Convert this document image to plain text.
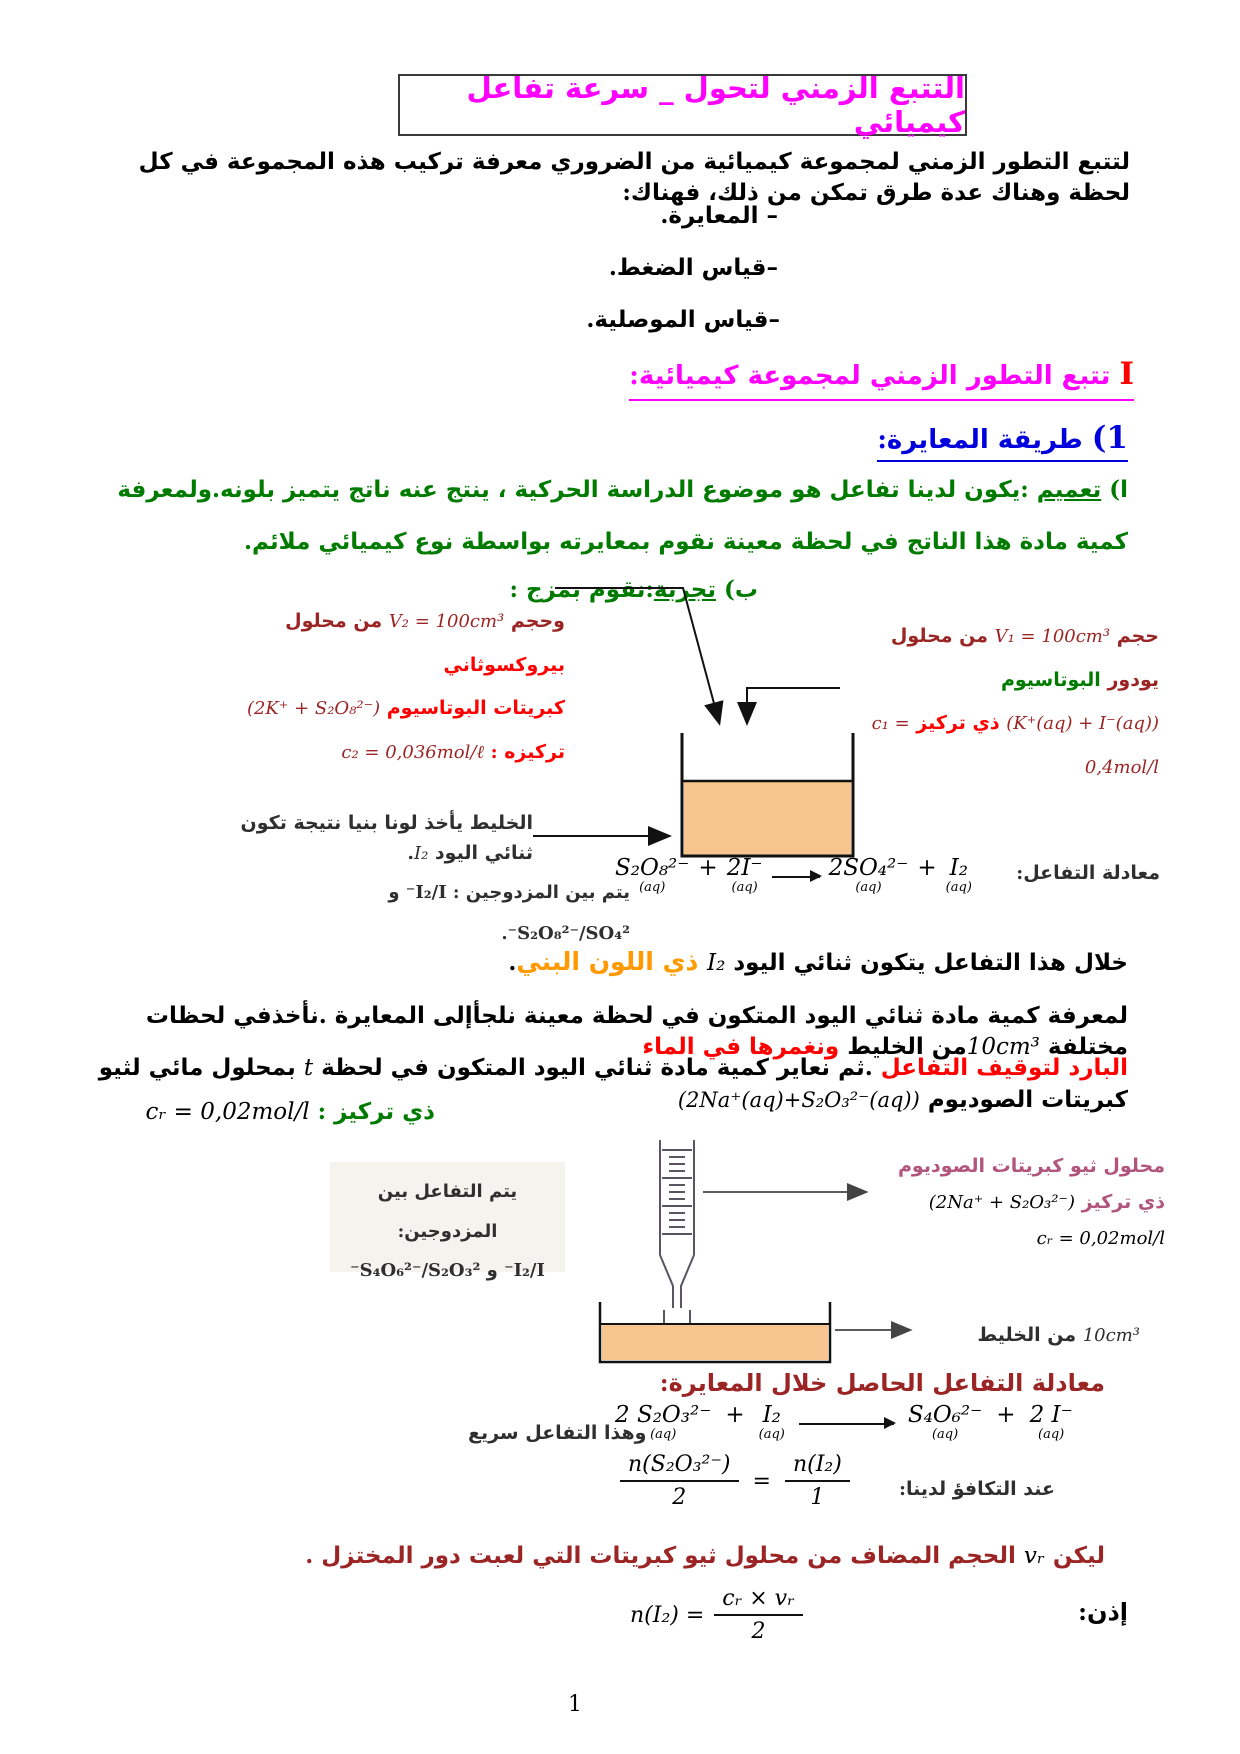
التتبع الزمني لتحول _ سرعة تفاعل كيميائي
لتتبع التطور الزمني لمجموعة كيميائية من الضروري معرفة تركيب هذه المجموعة في كل لحظة وهناك عدة طرق تمكن من ذلك، فهناك:
– المعايرة.
–قياس الضغط.
–قياس الموصلية.
I تتبع التطور الزمني لمجموعة كيميائية:
1) طريقة المعايرة:
ا) تعميم :يكون لدينا تفاعل هو موضوع الدراسة الحركية ، ينتج عنه ناتج يتميز بلونه.ولمعرفة
كمية مادة هذا الناتج في لحظة معينة نقوم بمعايرته بواسطة نوع كيميائي ملائم.
ب) تجربة:نقوم بمزج :
وحجم V₂ = 100cm³ من محلول بيروكسوثاني
كبريتات البوتاسيوم (2K⁺ + S₂O₈²⁻)
تركيزه : c₂ = 0,036mol/ℓ
حجم V₁ = 100cm³ من محلول يودور البوتاسيوم
(K⁺(aq) + I⁻(aq)) ذي تركيز c₁ = 0,4mol/l
الخليط يأخذ لونا بنيا نتيجة تكون ثنائي اليود I₂.
معادلة التفاعل:
S₂O₈²⁻
(aq)
+ 2I⁻
(aq)
→ 2SO₄²⁻
(aq)
+ I₂
(aq)
يتم بين المزدوجين : I₂/I⁻ و S₂O₈²⁻/SO₄²⁻.
خلال هذا التفاعل يتكون ثنائي اليود I₂ ذي اللون البني.
لمعرفة كمية مادة ثنائي اليود المتكون في لحظة معينة نلجأإلى المعايرة .نأخذفي لحظات مختلفة 10cm³من الخليط ونغمرها في الماء
البارد لتوقيف التفاعل .ثم نعاير كمية مادة ثنائي اليود المتكون في لحظة t بمحلول مائي لثيو كبريتات الصوديوم (2Na⁺(aq)+S₂O₃²⁻(aq))
ذي تركيز : cᵣ = 0,02mol/l
يتم التفاعل بين المزدوجين:
I₂/I⁻ و S₄O₆²⁻/S₂O₃²⁻
محلول ثيو كبريتات الصوديوم
ذي تركيز (2Na⁺ + S₂O₃²⁻)
cᵣ = 0,02mol/l
10cm³ من الخليط
معادلة التفاعل الحاصل خلال المعايرة:
وهذا التفاعل سريع
2 S₂O₃²⁻
(aq)
+ I₂
(aq)
S₄O₆²⁻
(aq)
+ 2 I⁻
(aq)
عند التكافؤ لدينا:
$\frac{\text{n(S₂O₃²⁻)}}{2} = \frac{\text{n(I₂)}}{1}$
ليكن vᵣ الحجم المضاف من محلول ثيو كبريتات التي لعبت دور المختزل .
إذن:
$n(I_2) = \frac{\text{cᵣ × vᵣ}}{2}$
1
